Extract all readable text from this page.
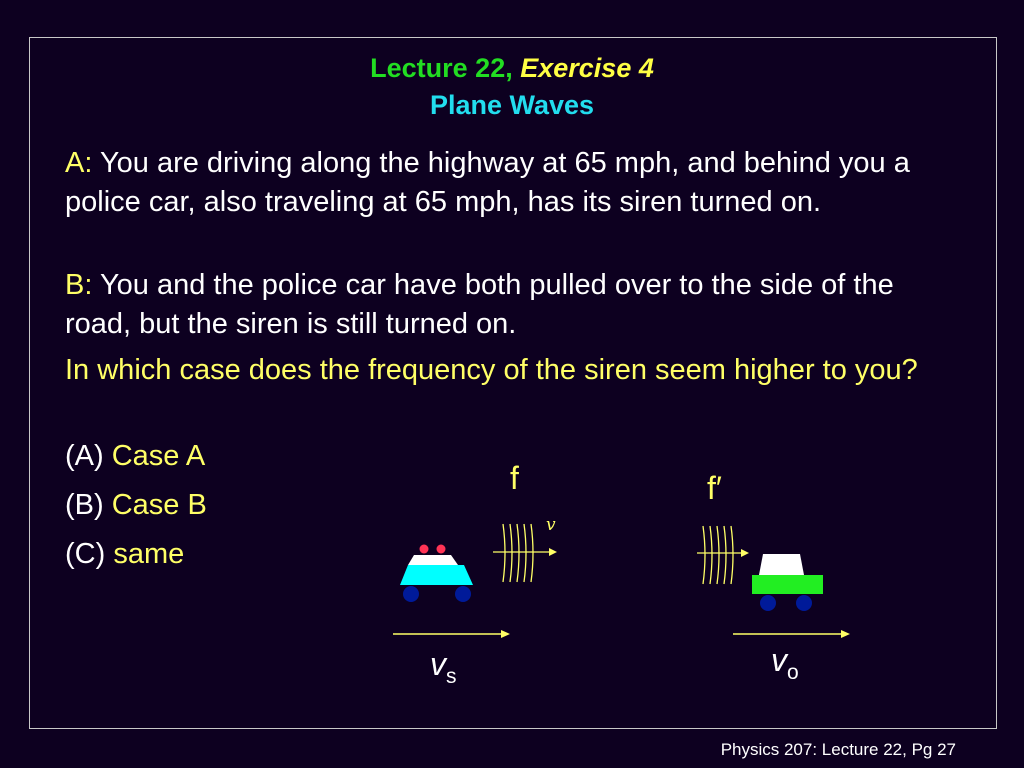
Lecture 22, Exercise 4
Plane Waves
A: You are driving along the highway at 65 mph, and behind you a police car, also traveling at 65 mph, has its siren turned on.
B: You and the police car have both pulled over to the side of the road, but the siren is still turned on.
In which case does the frequency of the siren seem higher to you?
(A) Case A
(B) Case B
(C) same
v
f	f′
$v_s$	$v_o$
Physics 207: Lecture 22, Pg 27
